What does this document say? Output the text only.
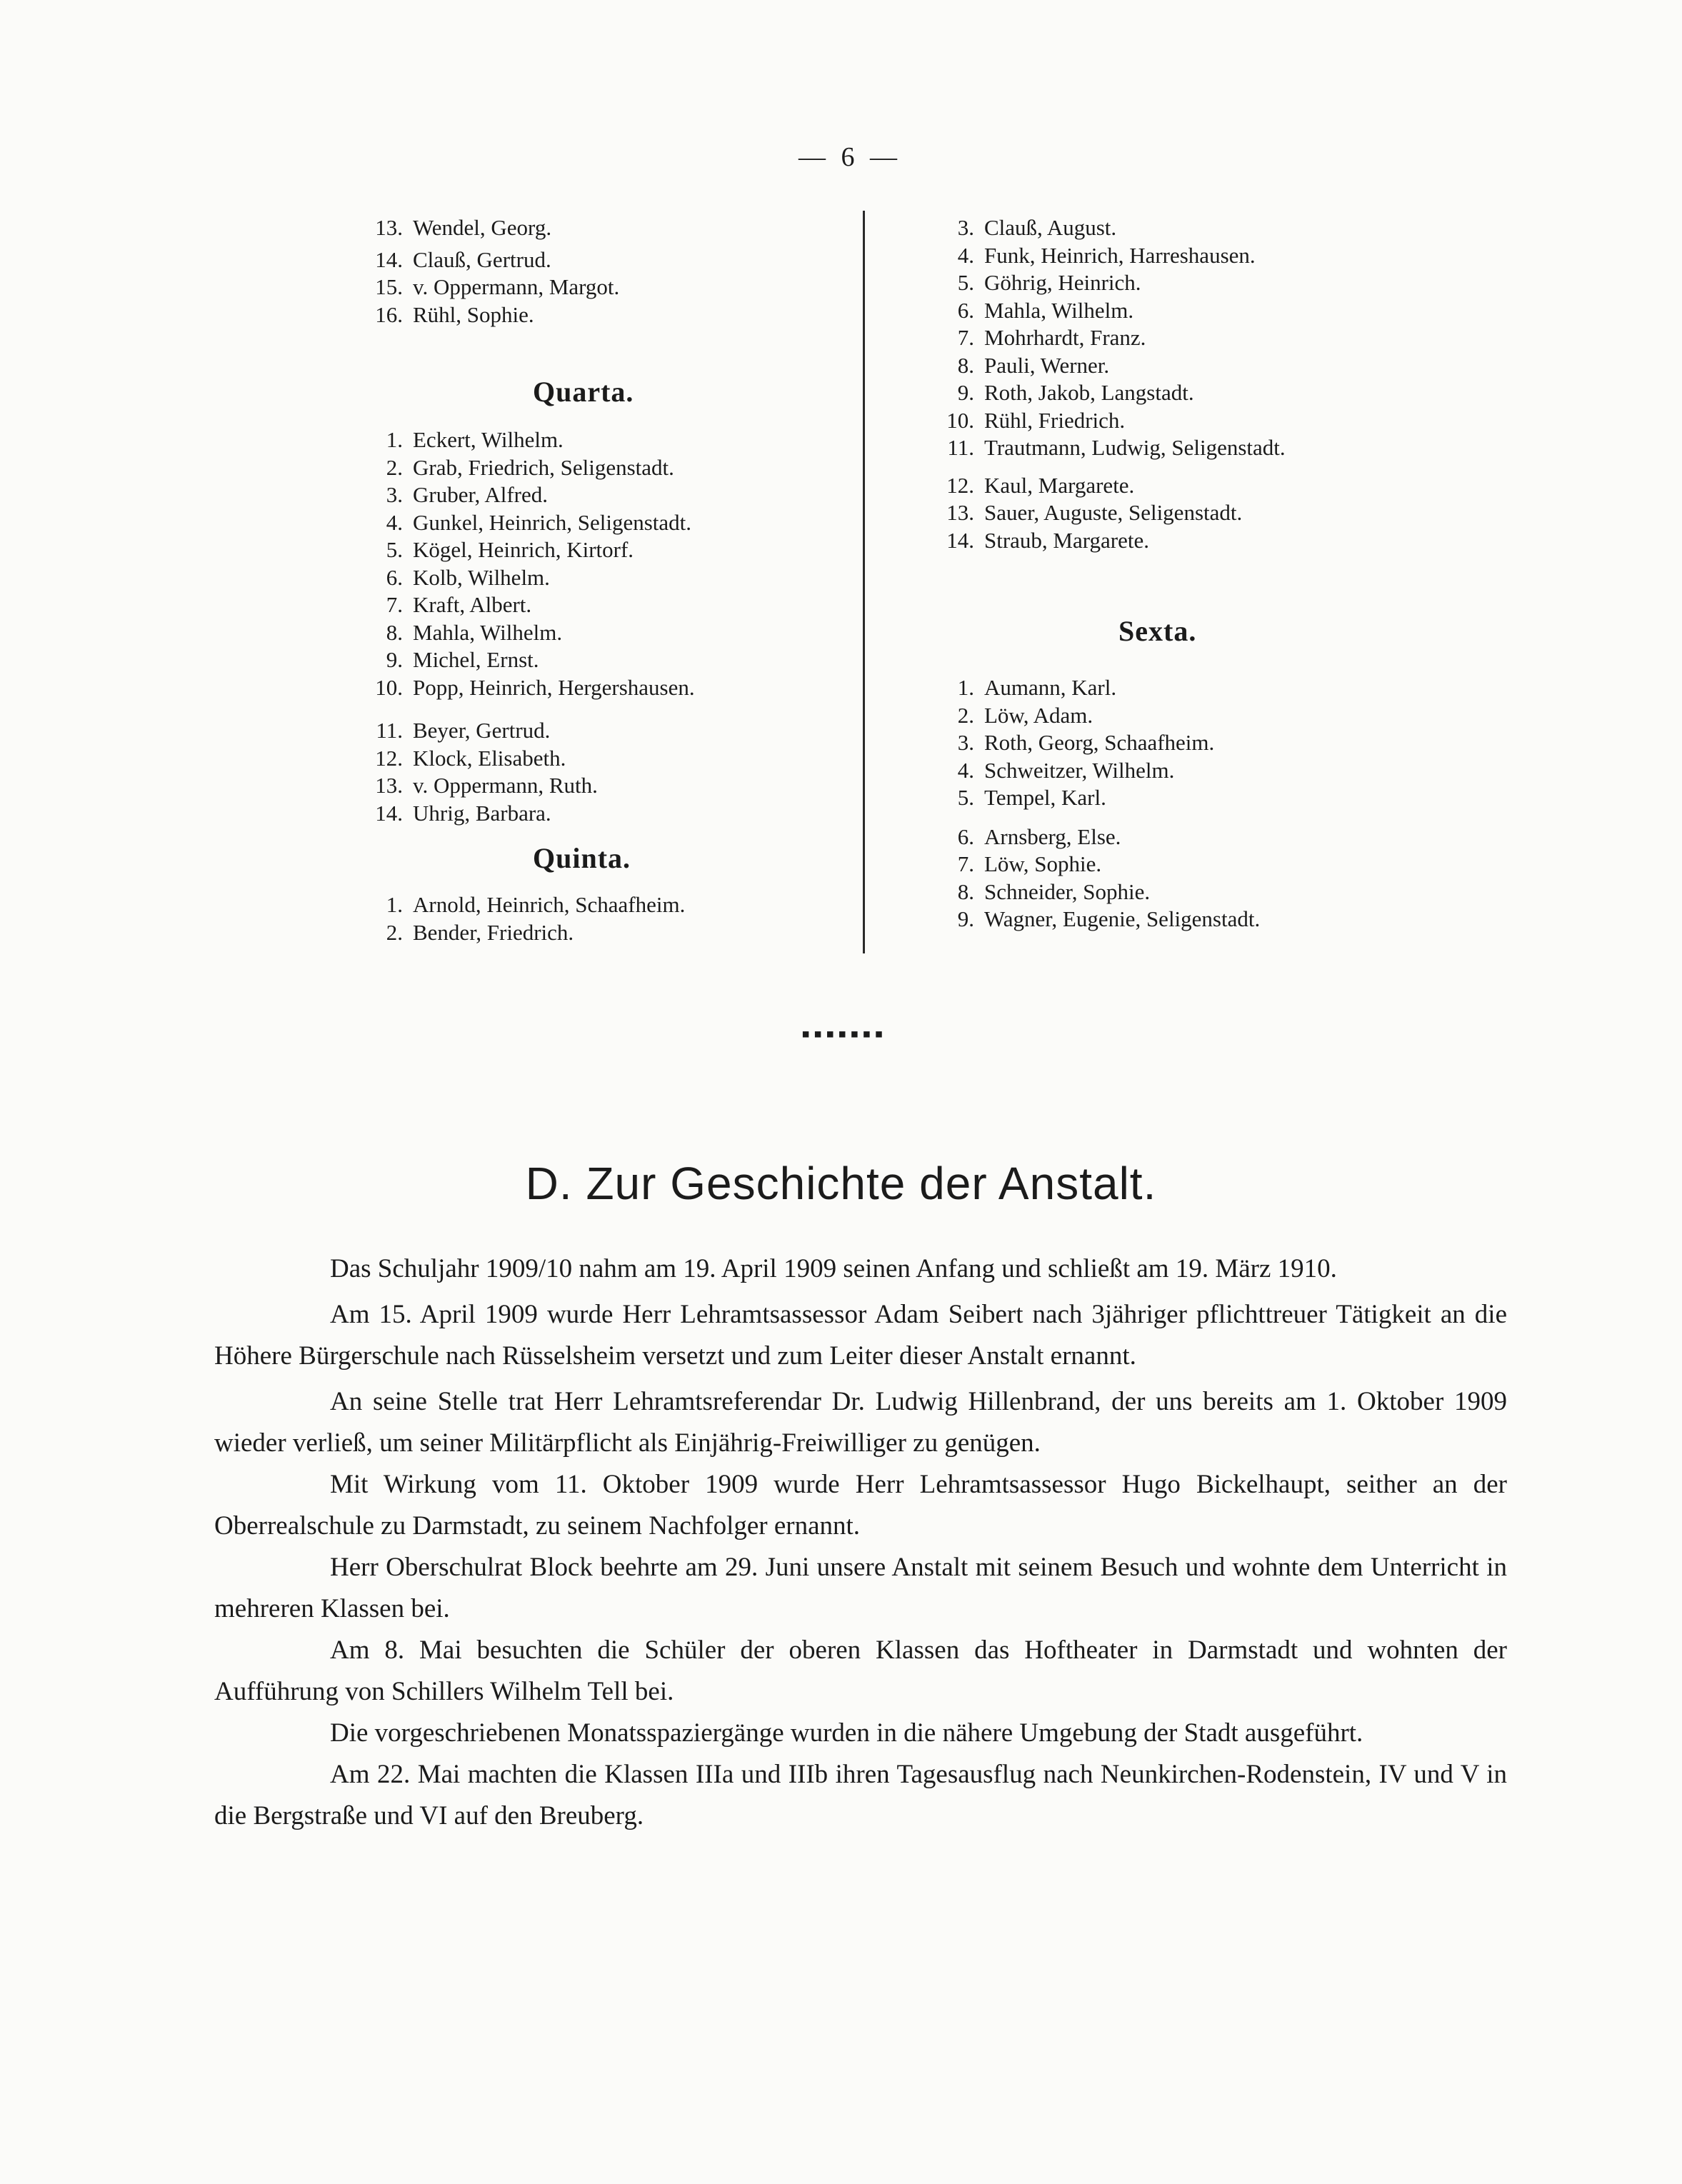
— 6 —
13. Wendel, Georg.
14. Clauß, Gertrud.
15. v. Oppermann, Margot.
16. Rühl, Sophie.
Quarta.
1. Eckert, Wilhelm.
2. Grab, Friedrich, Seligenstadt.
3. Gruber, Alfred.
4. Gunkel, Heinrich, Seligenstadt.
5. Kögel, Heinrich, Kirtorf.
6. Kolb, Wilhelm.
7. Kraft, Albert.
8. Mahla, Wilhelm.
9. Michel, Ernst.
10. Popp, Heinrich, Hergershausen.
11. Beyer, Gertrud.
12. Klock, Elisabeth.
13. v. Oppermann, Ruth.
14. Uhrig, Barbara.
Quinta.
1. Arnold, Heinrich, Schaafheim.
2. Bender, Friedrich.
3. Clauß, August.
4. Funk, Heinrich, Harreshausen.
5. Göhrig, Heinrich.
6. Mahla, Wilhelm.
7. Mohrhardt, Franz.
8. Pauli, Werner.
9. Roth, Jakob, Langstadt.
10. Rühl, Friedrich.
11. Trautmann, Ludwig, Seligenstadt.
12. Kaul, Margarete.
13. Sauer, Auguste, Seligenstadt.
14. Straub, Margarete.
Sexta.
1. Aumann, Karl.
2. Löw, Adam.
3. Roth, Georg, Schaafheim.
4. Schweitzer, Wilhelm.
5. Tempel, Karl.
6. Arnsberg, Else.
7. Löw, Sophie.
8. Schneider, Sophie.
9. Wagner, Eugenie, Seligenstadt.
▪▪▪▪▪▪▪
D. Zur Geschichte der Anstalt.

Das Schuljahr 1909/10 nahm am 19. April 1909 seinen Anfang und schließt am 19. März 1910.

Am 15. April 1909 wurde Herr Lehramtsassessor Adam Seibert nach 3jähriger pflichttreuer Tätigkeit an die Höhere Bürgerschule nach Rüsselsheim versetzt und zum Leiter dieser Anstalt ernannt.

An seine Stelle trat Herr Lehramtsreferendar Dr. Ludwig Hillenbrand, der uns bereits am 1. Oktober 1909 wieder verließ, um seiner Militärpflicht als Einjährig-Freiwilliger zu genügen.

Mit Wirkung vom 11. Oktober 1909 wurde Herr Lehramtsassessor Hugo Bickelhaupt, seither an der Oberrealschule zu Darmstadt, zu seinem Nachfolger ernannt.

Herr Oberschulrat Block beehrte am 29. Juni unsere Anstalt mit seinem Besuch und wohnte dem Unterricht in mehreren Klassen bei.

Am 8. Mai besuchten die Schüler der oberen Klassen das Hoftheater in Darmstadt und wohnten der Aufführung von Schillers Wilhelm Tell bei.

Die vorgeschriebenen Monatsspaziergänge wurden in die nähere Umgebung der Stadt ausgeführt.

Am 22. Mai machten die Klassen IIIa und IIIb ihren Tagesausflug nach Neunkirchen-Rodenstein, IV und V in die Bergstraße und VI auf den Breuberg.
